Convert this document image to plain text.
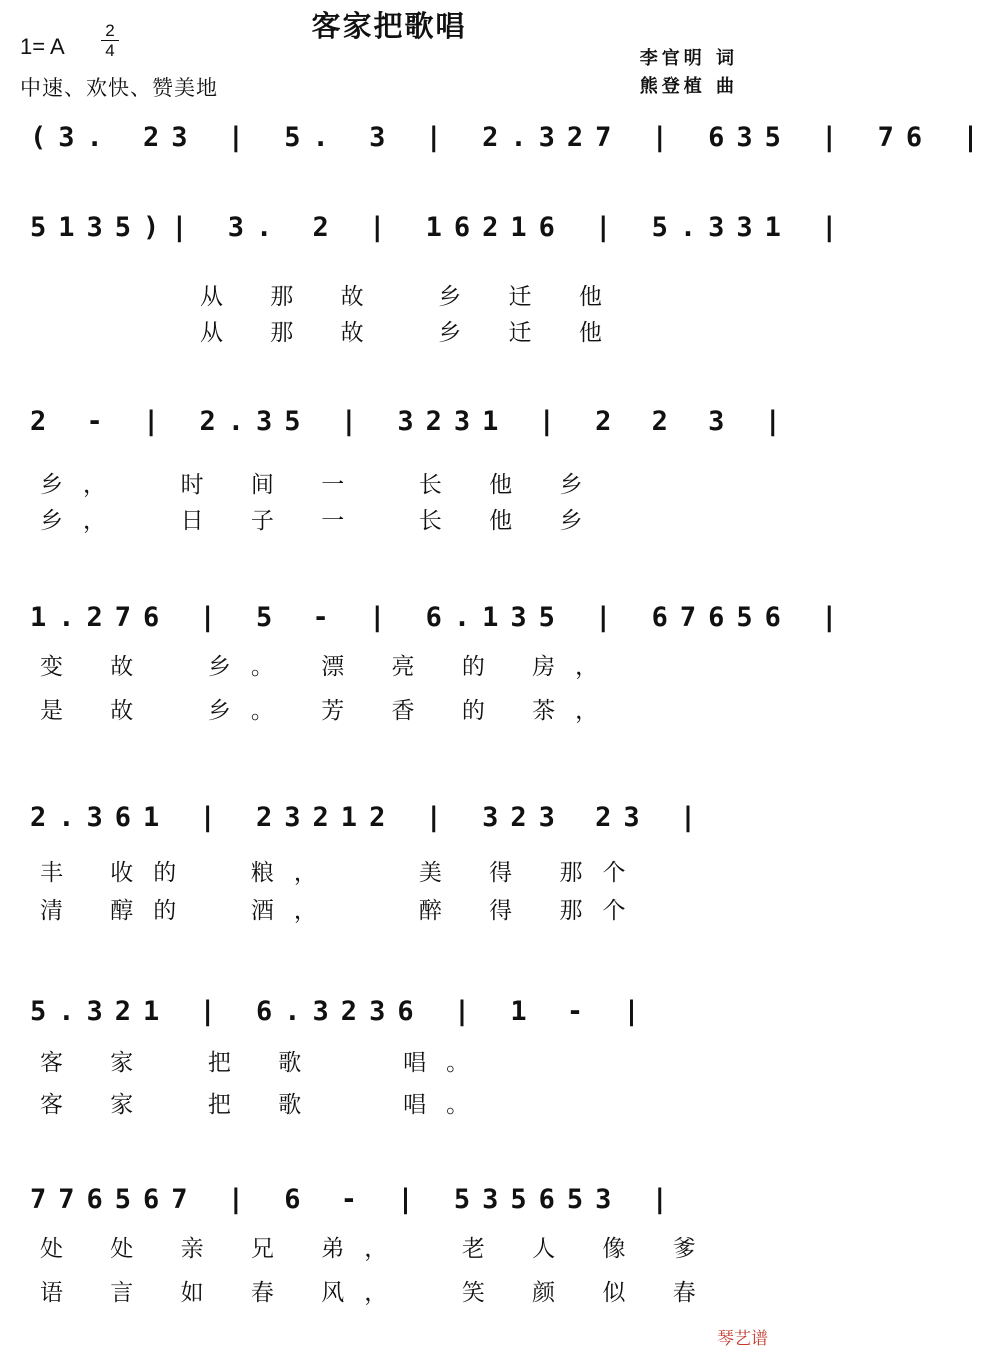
客家把歌唱
1= A
2
4
中速、欢快、赞美地
李官明 词
熊登植 曲
(3. 23 | 5. 3 | 2.327 | 635 | 76 |
5135)| 3. 2 | 16216 | 5.331 |
从 那 故  乡 迁 他
从 那 故  乡 迁 他
2 - | 2.35 | 3231 | 2 2 3 |
乡，  时 间 一  长 他 乡
乡，  日 子 一  长 他 乡
1.276 | 5 - | 6.135 | 67656 |
变 故  乡。 漂 亮 的 房，
是 故  乡。 芳 香 的 茶，
2.361 | 23212 | 323 23 |
丰 收的  粮，   美 得 那个
清 醇的  酒，   醉 得 那个
5.321 | 6.3236 | 1 - |
客 家  把 歌   唱。
客 家  把 歌   唱。
776567 | 6 - | 535653 |
处 处 亲 兄 弟，  老 人 像 爹
语 言 如 春 风，  笑 颜 似 春
琴艺谱
